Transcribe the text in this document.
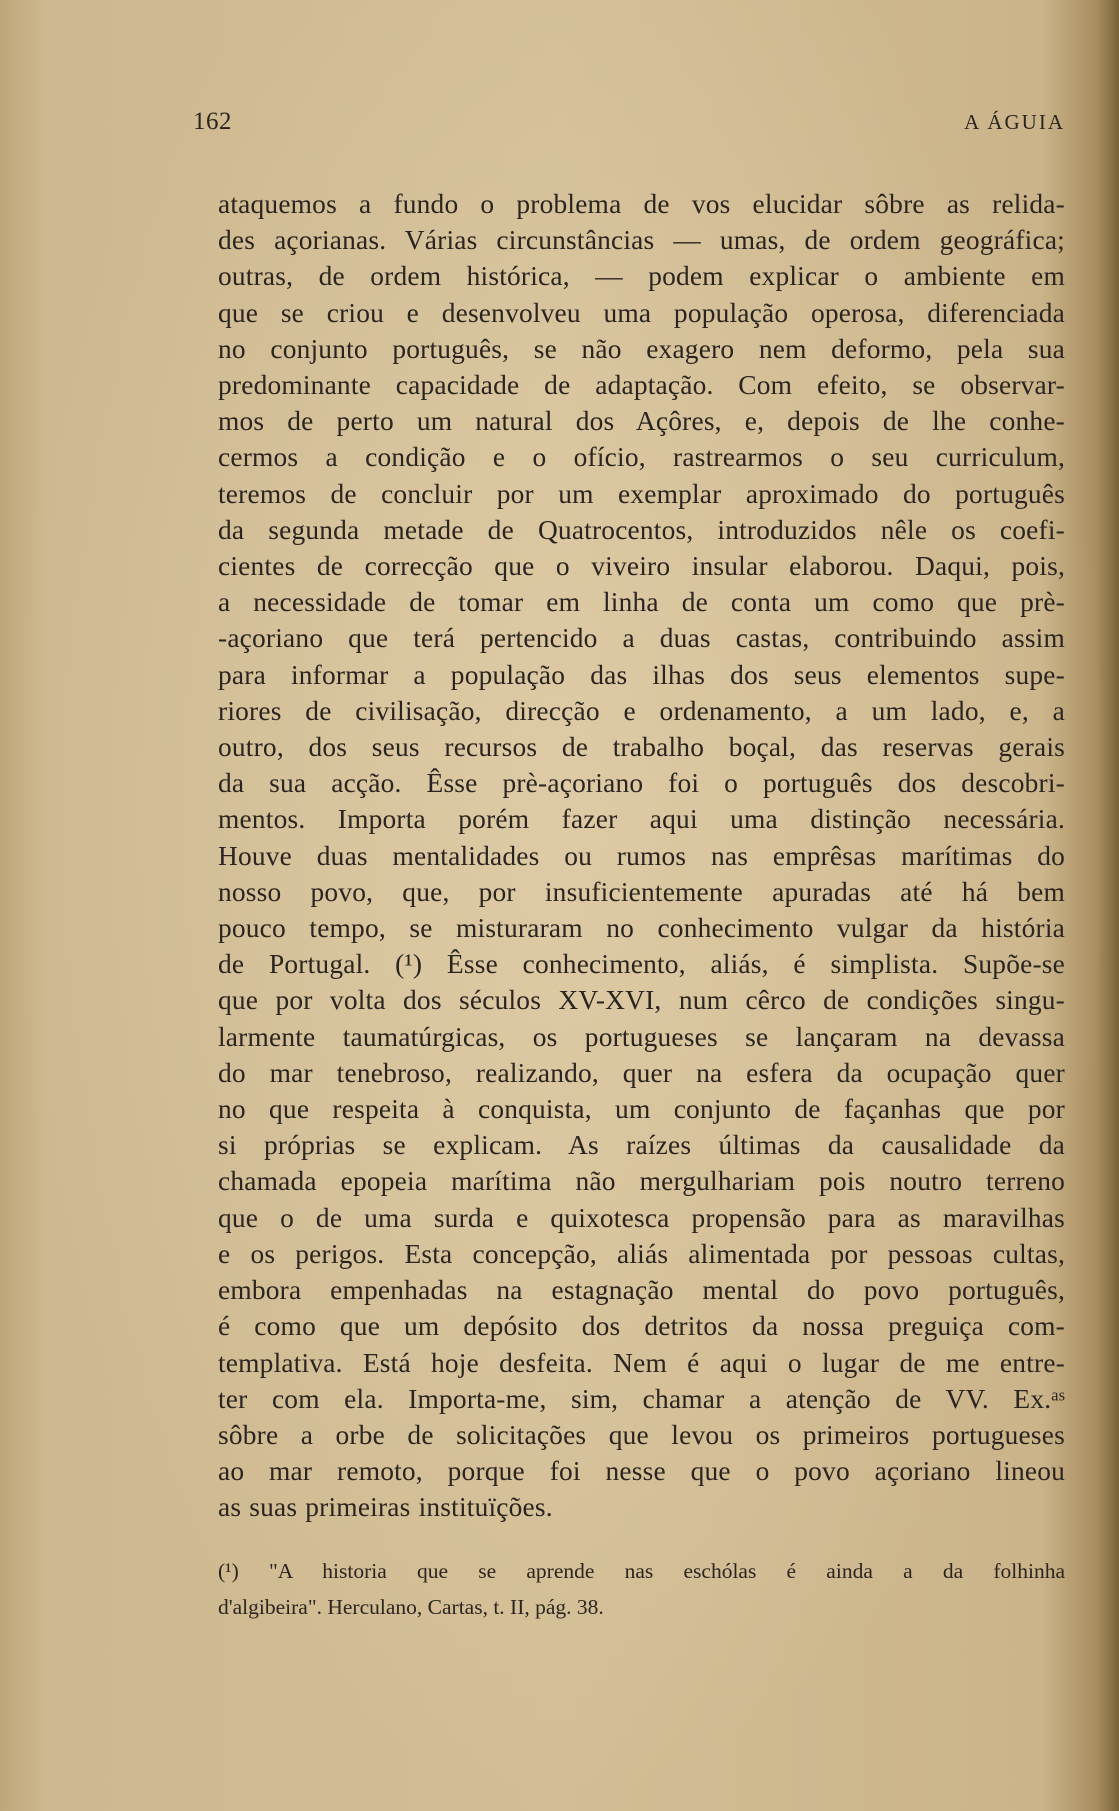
162	A ÁGUIA
ataquemos a fundo o problema de vos elucidar sôbre as relida-
des açorianas. Várias circunstâncias — umas, de ordem geográfica;
outras, de ordem histórica, — podem explicar o ambiente em
que se criou e desenvolveu uma população operosa, diferenciada
no conjunto português, se não exagero nem deformo, pela sua
predominante capacidade de adaptação. Com efeito, se observar-
mos de perto um natural dos Açôres, e, depois de lhe conhe-
cermos a condição e o ofício, rastrearmos o seu curriculum,
teremos de concluir por um exemplar aproximado do português
da segunda metade de Quatrocentos, introduzidos nêle os coefi-
cientes de correcção que o viveiro insular elaborou. Daqui, pois,
a necessidade de tomar em linha de conta um como que prè-
-açoriano que terá pertencido a duas castas, contribuindo assim
para informar a população das ilhas dos seus elementos supe-
riores de civilisação, direcção e ordenamento, a um lado, e, a
outro, dos seus recursos de trabalho boçal, das reservas gerais
da sua acção. Êsse prè-açoriano foi o português dos descobri-
mentos. Importa porém fazer aqui uma distinção necessária.
Houve duas mentalidades ou rumos nas emprêsas marítimas do
nosso povo, que, por insuficientemente apuradas até há bem
pouco tempo, se misturaram no conhecimento vulgar da história
de Portugal. (¹) Êsse conhecimento, aliás, é simplista. Supõe-se
que por volta dos séculos XV-XVI, num cêrco de condições singu-
larmente taumatúrgicas, os portugueses se lançaram na devassa
do mar tenebroso, realizando, quer na esfera da ocupação quer
no que respeita à conquista, um conjunto de façanhas que por
si próprias se explicam. As raízes últimas da causalidade da
chamada epopeia marítima não mergulhariam pois noutro terreno
que o de uma surda e quixotesca propensão para as maravilhas
e os perigos. Esta concepção, aliás alimentada por pessoas cultas,
embora empenhadas na estagnação mental do povo português,
é como que um depósito dos detritos da nossa preguiça com-
templativa. Está hoje desfeita. Nem é aqui o lugar de me entre-
ter com ela. Importa-me, sim, chamar a atenção de VV. Ex.ᵃˢ
sôbre a orbe de solicitações que levou os primeiros portugueses
ao mar remoto, porque foi nesse que o povo açoriano lineou
as suas primeiras instituïções.
(¹) "A historia que se aprende nas eschólas é ainda a da folhinha
d'algibeira". Herculano, Cartas, t. II, pág. 38.
